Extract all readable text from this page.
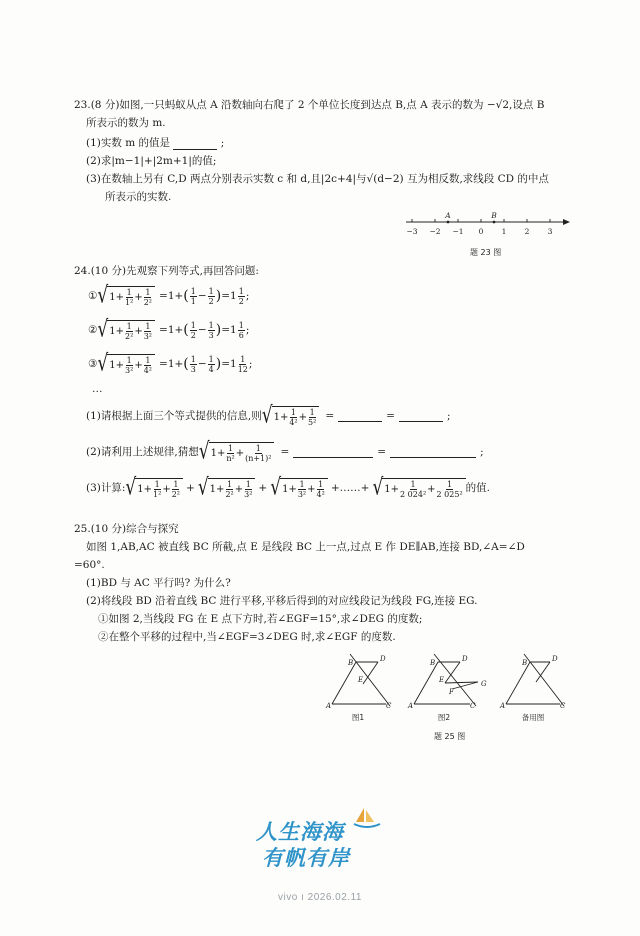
23.(8 分)如图,一只蚂蚁从点 A 沿数轴向右爬了 2 个单位长度到达点 B,点 A 表示的数为 −√2,设点 B
所表示的数为 m.
(1)实数 m 的值是	;
(2)求|m−1|+|2m+1|的值;
(3)在数轴上另有 C,D 两点分别表示实数 c 和 d,且|2c+4|与√(d−2) 互为相反数,求线段 CD 的中点
所表示的实数.
−3 −2 −1 0 1 2 3
A	B
题 23 图
24.(10 分)先观察下列等式,再回答问题:
① √ $1 + \frac{1}{\text{1²}} + \frac{1}{\text{2²}} =1+$ ( $\frac{1}{1} - \frac{1}{2}$ ) $=1 \frac{1}{2}$ ;
② √ $1 + \frac{1}{\text{2²}} + \frac{1}{\text{3²}} =1+$ ( $\frac{1}{2} - \frac{1}{3}$ ) $=1 \frac{1}{6}$ ;
③ √ $1 + \frac{1}{\text{3²}} + \frac{1}{\text{4²}} =1+$ ( $\frac{1}{3} - \frac{1}{4}$ ) $=1 \frac{1}{12}$ ;
…
(1)请根据上面三个等式提供的信息,则 √ $1 + \frac{1}{\text{4²}} + \frac{1}{\text{5²}}$ =	=	;
(2)请利用上述规律,猜想 √ $1 + \frac{1}{\text{n²}} + \frac{1}{\text{(n+1)²}}$ =	=	;
(3)计算: √ $1 + \frac{1}{\text{1²}} + \frac{1}{\text{2²}}$ + √ $1 + \frac{1}{\text{2²}} + \frac{1}{\text{3²}}$ + √ $1 + \frac{1}{\text{3²}} + \frac{1}{\text{4²}}$ +……+ √ $1 + \frac{1}{\text{2 024²}} + \frac{1}{\text{2 025²}}$ 的值.
25.(10 分)综合与探究
如图 1,AB,AC 被直线 BC 所截,点 E 是线段 BC 上一点,过点 E 作 DE∥AB,连接 BD,∠A=∠D
=60°.
(1)BD 与 AC 平行吗? 为什么?
(2)将线段 BD 沿着直线 BC 进行平移,平移后得到的对应线段记为线段 FG,连接 EG.
①如图 2,当线段 FG 在 E 点下方时,若∠EGF=15°,求∠DEG 的度数;
②在整个平移的过程中,当∠EGF=3∠DEG 时,求∠EGF 的度数.
B	D
E
A	C
B	D
E
F
G
A	C
B	D
A	C
图1	图2	备用图
题 25 图
人生海海
有帆有岸
vivo ı 2026.02.11
